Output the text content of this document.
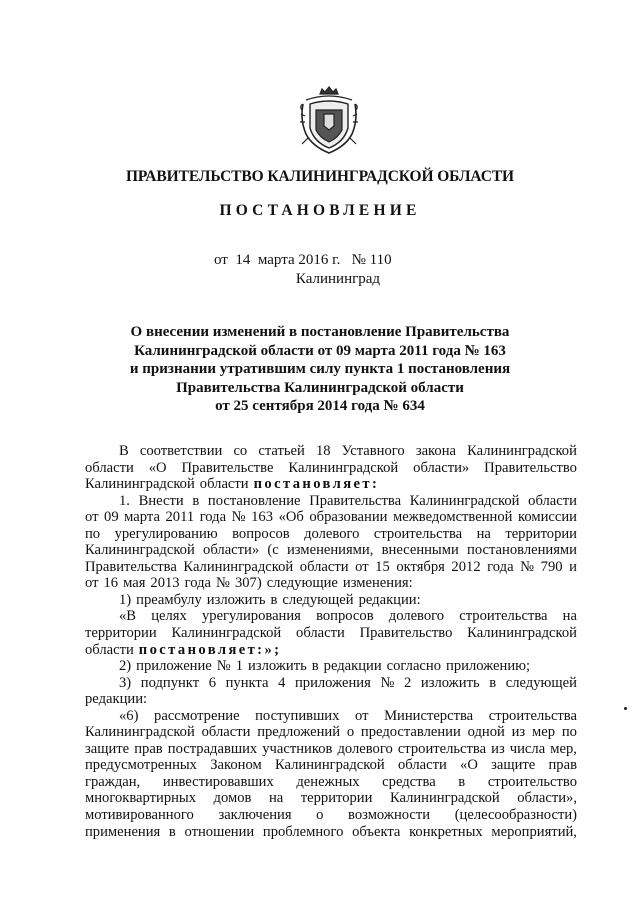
ПРАВИТЕЛЬСТВО КАЛИНИНГРАДСКОЙ ОБЛАСТИ
ПОСТАНОВЛЕНИЕ
от  14  марта 2016 г.   № 110
Калининград
О внесении изменений в постановление Правительства
Калининградской области от 09 марта 2011 года № 163
и признании утратившим силу пункта 1 постановления
Правительства Калининградской области
от 25 сентября 2014 года № 634
В соответствии со статьей 18 Уставного закона Калининградской
области «О Правительстве Калининградской области» Правительство
Калининградской области постановляет:
1. Внести в постановление Правительства Калининградской области
от 09 марта 2011 года № 163 «Об образовании межведомственной комиссии
по урегулированию вопросов долевого строительства на территории
Калининградской области» (с изменениями, внесенными постановлениями
Правительства Калининградской области от 15 октября 2012 года № 790 и
от 16 мая 2013 года № 307) следующие изменения:
1) преамбулу изложить в следующей редакции:
«В целях урегулирования вопросов долевого строительства на
территории Калининградской области Правительство Калининградской
области постановляет:»;
2) приложение № 1 изложить в редакции согласно приложению;
3) подпункт 6 пункта 4 приложения № 2 изложить в следующей
редакции:
«6) рассмотрение поступивших от Министерства строительства
Калининградской области предложений о предоставлении одной из мер по
защите прав пострадавших участников долевого строительства из числа мер,
предусмотренных Законом Калининградской области «О защите прав
граждан, инвестировавших денежных средства в строительство
многоквартирных домов на территории Калининградской области»,
мотивированного заключения о возможности (целесообразности)
применения в отношении проблемного объекта конкретных мероприятий,
